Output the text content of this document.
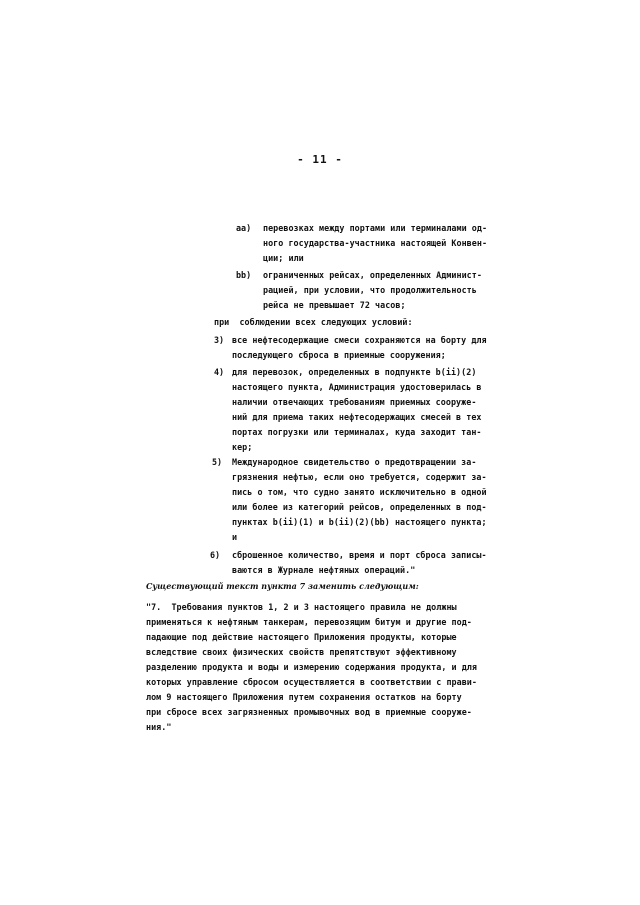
- 11 -
aa) перевозках между портами или терминалами од-
ного государства-участника настоящей Конвен-
ции; или
bb) ограниченных рейсах, определенных Админист-
рацией, при условии, что продолжительность
рейса не превышает 72 часов;
при  соблюдении всех следующих условий:
3) все нефтесодержащие смеси сохраняются на борту для
последующего сброса в приемные сооружения;
4) для перевозок, определенных в подпункте b(ii)(2)
настоящего пункта, Администрация удостоверилась в
наличии отвечающих требованиям приемных сооруже-
ний для приема таких нефтесодержащих смесей в тех
портах погрузки или терминалах, куда заходит тан-
кер;
5) Международное свидетельство о предотвращении за-
грязнения нефтью, если оно требуется, содержит за-
пись о том, что судно занято исключительно в одной
или более из категорий рейсов, определенных в под-
пунктах b(ii)(1) и b(ii)(2)(bb) настоящего пункта;
и
6) сброшенное количество, время и порт сброса записы-
ваются в Журнале нефтяных операций."
Существующий текст пункта 7 заменить следующим:
"7.  Требования пунктов 1, 2 и 3 настоящего правила не должны
применяться к нефтяным танкерам, перевозящим битум и другие под-
падающие под действие настоящего Приложения продукты, которые
вследствие своих физических свойств препятствуют эффективному
разделению продукта и воды и измерению содержания продукта, и для
которых управление сбросом осуществляется в соответствии с прави-
лом 9 настоящего Приложения путем сохранения остатков на борту
при сбросе всех загрязненных промывочных вод в приемные сооруже-
ния."
